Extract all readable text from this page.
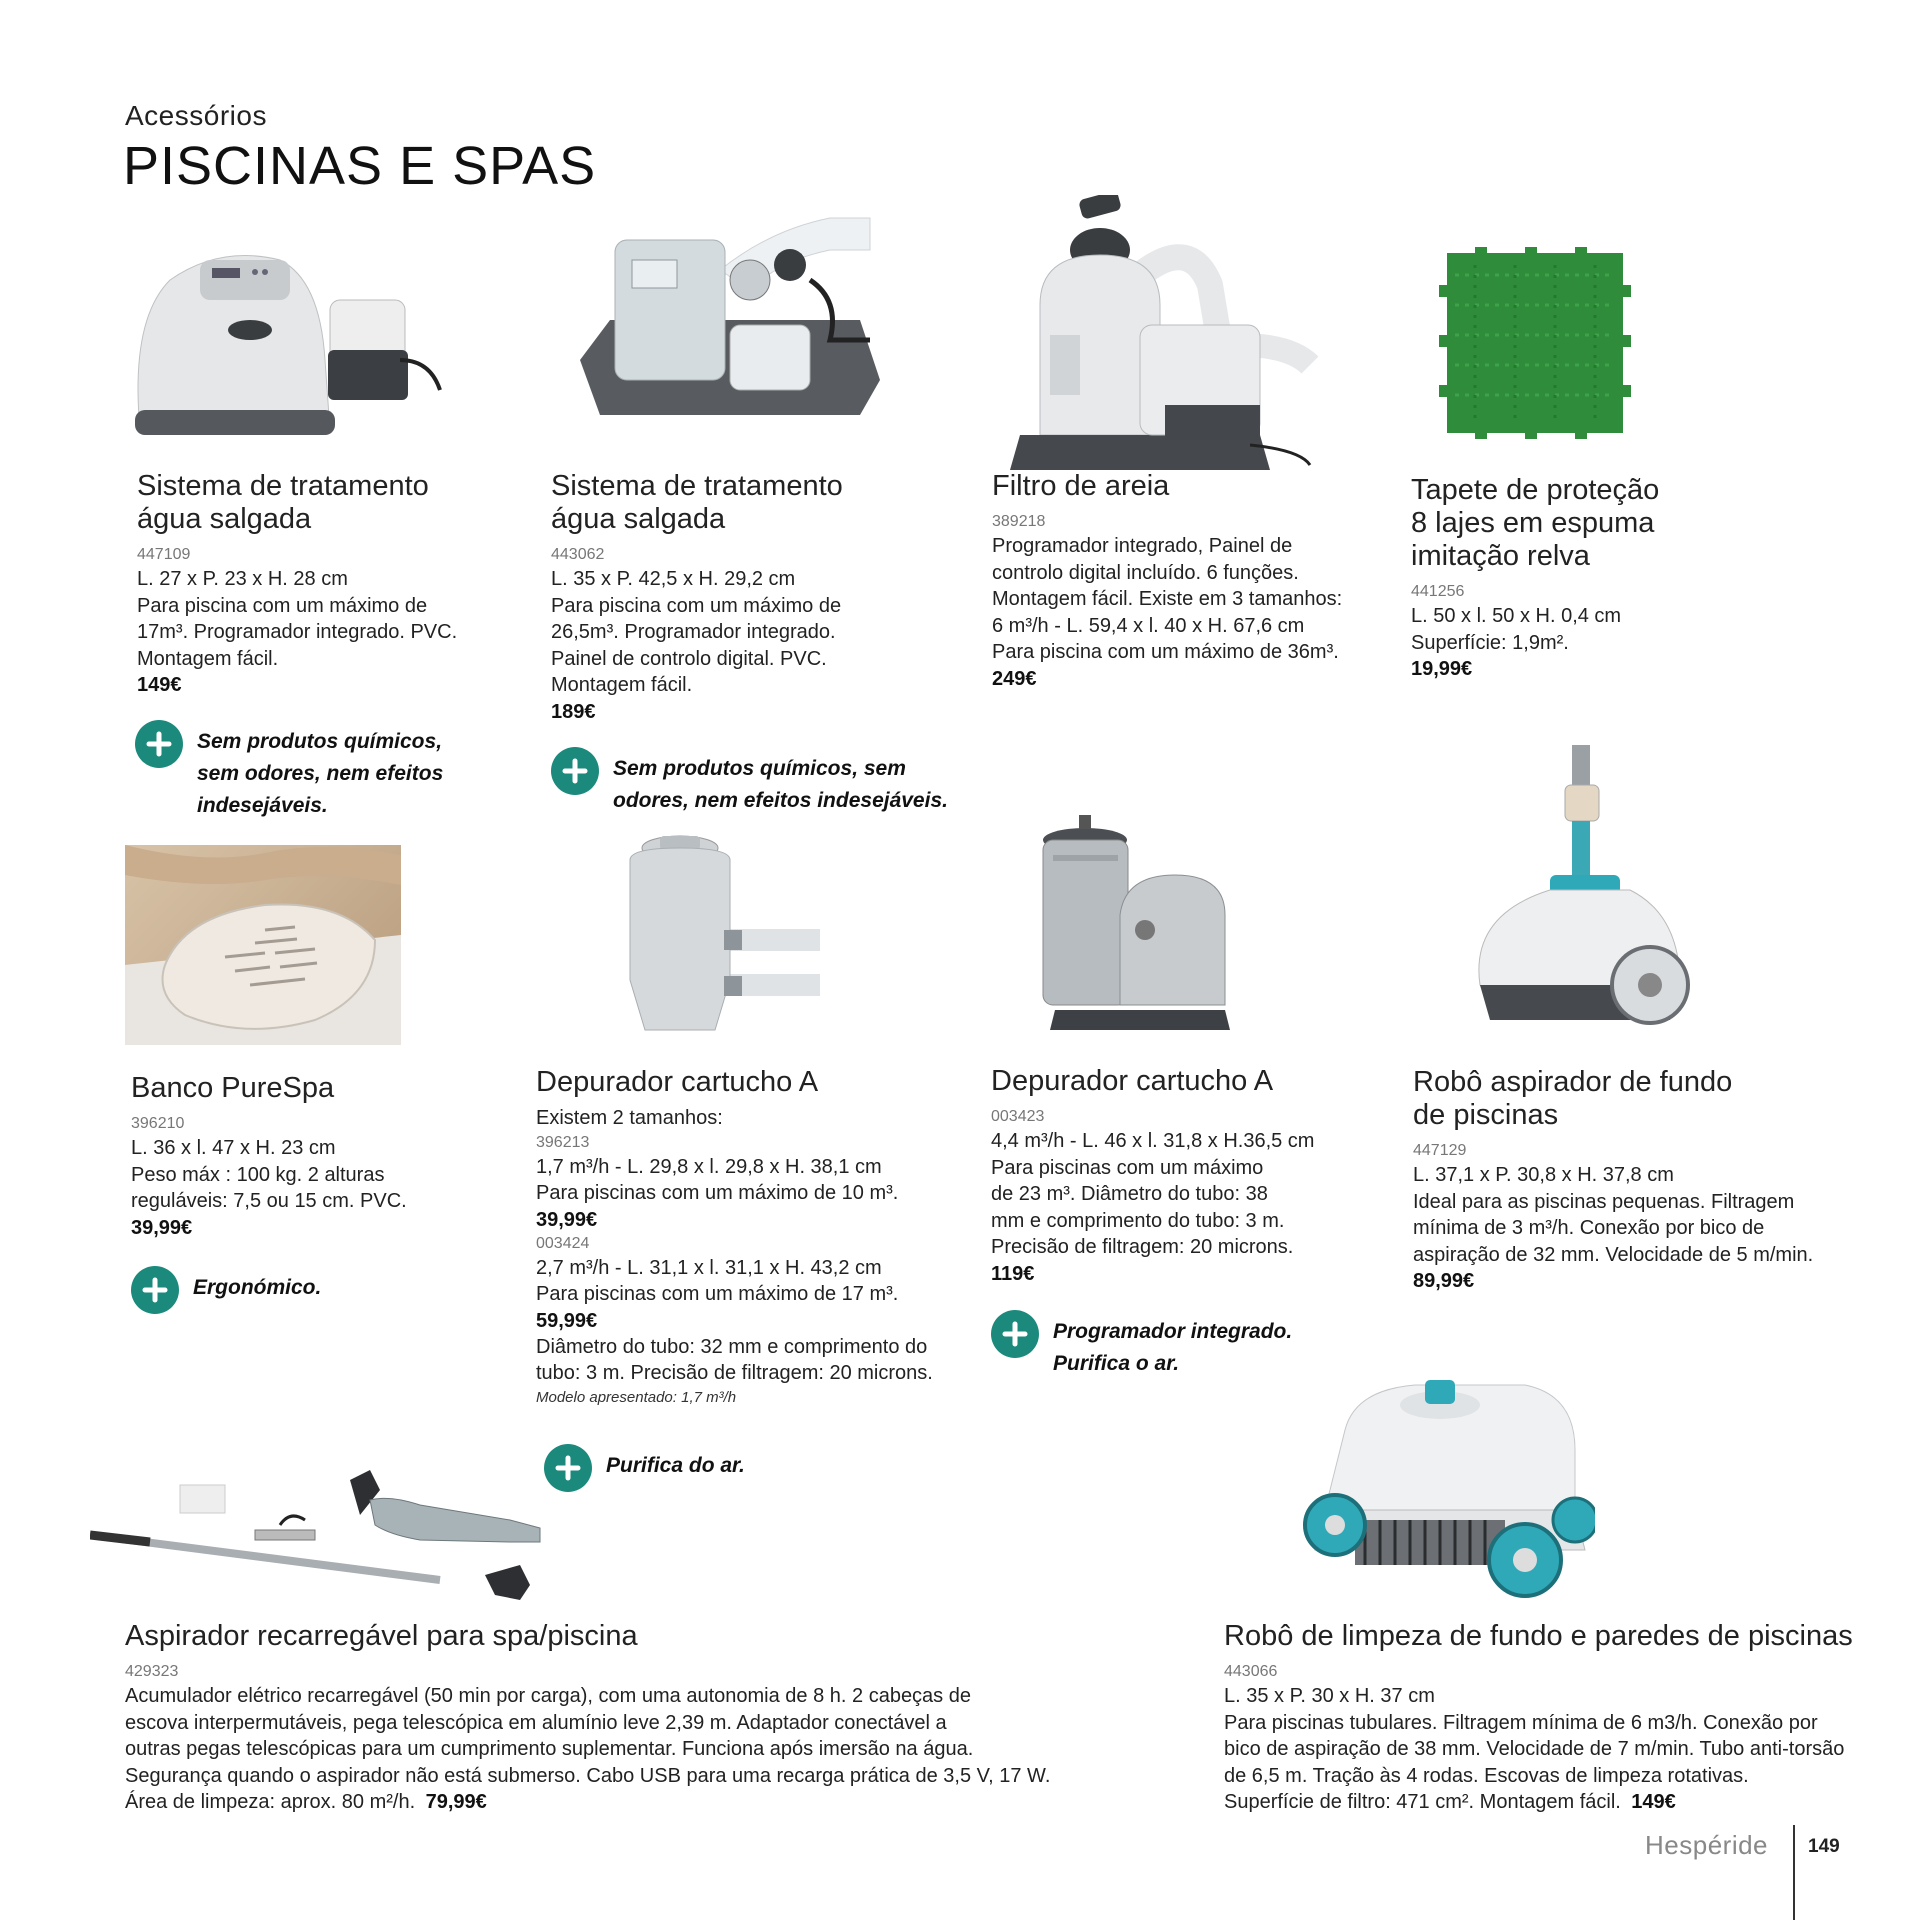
Acessórios
PISCINAS E SPAS
Sistema de tratamento
água salgada
447109
L. 27 x P. 23 x H. 28 cm
Para piscina com um máximo de
17m³. Programador integrado. PVC.
Montagem fácil.
149€
Sem produtos químicos,
sem odores, nem efeitos
indesejáveis.
Sistema de tratamento
água salgada
443062
L. 35 x P. 42,5 x H. 29,2 cm
Para piscina com um máximo de
26,5m³. Programador integrado.
Painel de controlo digital. PVC.
Montagem fácil.
189€
Sem produtos químicos, sem
odores, nem efeitos indesejáveis.
Filtro de areia
389218
Programador integrado, Painel de
controlo digital incluído. 6 funções.
Montagem fácil. Existe em 3 tamanhos:
6 m³/h - L. 59,4 x l. 40 x H. 67,6 cm
Para piscina com um máximo de 36m³.
249€
Tapete de proteção
8 lajes em espuma
imitação relva
441256
L. 50 x l. 50 x H. 0,4 cm
Superfície: 1,9m².
19,99€
Banco PureSpa
396210
L. 36 x l. 47 x H. 23 cm
Peso máx : 100 kg. 2 alturas
reguláveis: 7,5 ou 15 cm. PVC.
39,99€
Ergonómico.
Depurador cartucho A
Existem 2 tamanhos:
396213
1,7 m³/h - L. 29,8 x l. 29,8 x H. 38,1 cm
Para piscinas com um máximo de 10 m³.
39,99€
003424
2,7 m³/h - L. 31,1 x l. 31,1 x H. 43,2 cm
Para piscinas com um máximo de 17 m³.
59,99€
Diâmetro do tubo: 32 mm e comprimento do
tubo: 3 m. Precisão de filtragem: 20 microns.
Modelo apresentado: 1,7 m³/h
Purifica do ar.
Depurador cartucho A
003423
4,4 m³/h - L. 46 x l. 31,8 x H.36,5 cm
Para piscinas com um máximo
de 23 m³. Diâmetro do tubo: 38
mm e comprimento do tubo: 3 m.
Precisão de filtragem: 20 microns.
119€
Programador integrado.
Purifica o ar.
Robô aspirador de fundo
de piscinas
447129
L. 37,1 x P. 30,8 x H. 37,8 cm
Ideal para as piscinas pequenas. Filtragem
mínima de 3 m³/h. Conexão por bico de
aspiração de 32 mm. Velocidade de 5 m/min.
89,99€
Aspirador recarregável para spa/piscina
429323
Acumulador elétrico recarregável (50 min por carga), com uma autonomia de 8 h. 2 cabeças de
escova interpermutáveis, pega telescópica em alumínio leve 2,39 m. Adaptador conectável a
outras pegas telescópicas para um cumprimento suplementar. Funciona após imersão na água.
Segurança quando o aspirador não está submerso. Cabo USB para uma recarga prática de 3,5 V, 17 W.
Área de limpeza: aprox. 80 m²/h. 79,99€
Robô de limpeza de fundo e paredes de piscinas
443066
L. 35 x P. 30 x H. 37 cm
Para piscinas tubulares. Filtragem mínima de 6 m3/h. Conexão por
bico de aspiração de 38 mm. Velocidade de 7 m/min. Tubo anti-torsão
de 6,5 m. Tração às 4 rodas. Escovas de limpeza rotativas.
Superfície de filtro: 471 cm². Montagem fácil. 149€
Hespéride 149
